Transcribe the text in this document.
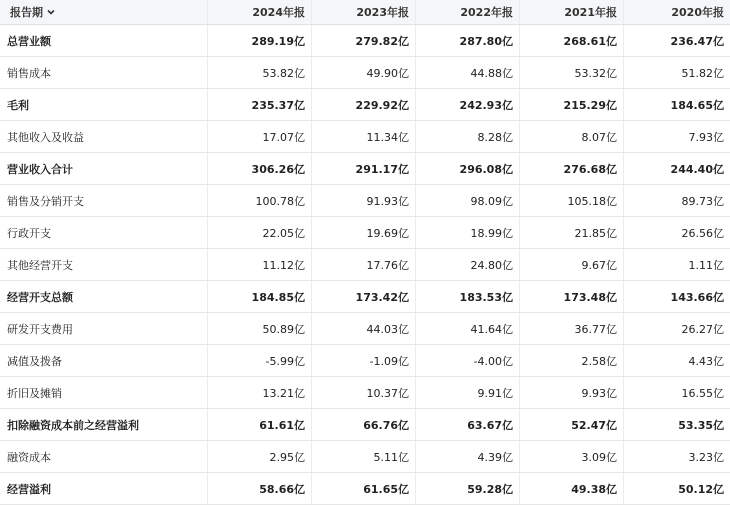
报告期	2024年报	2023年报	2022年报	2021年报	2020年报
总营业额	289.19亿	279.82亿	287.80亿	268.61亿	236.47亿
销售成本	53.82亿	49.90亿	44.88亿	53.32亿	51.82亿
毛利	235.37亿	229.92亿	242.93亿	215.29亿	184.65亿
其他收入及收益	17.07亿	11.34亿	8.28亿	8.07亿	7.93亿
营业收入合计	306.26亿	291.17亿	296.08亿	276.68亿	244.40亿
销售及分销开支	100.78亿	91.93亿	98.09亿	105.18亿	89.73亿
行政开支	22.05亿	19.69亿	18.99亿	21.85亿	26.56亿
其他经营开支	11.12亿	17.76亿	24.80亿	9.67亿	1.11亿
经营开支总额	184.85亿	173.42亿	183.53亿	173.48亿	143.66亿
研发开支费用	50.89亿	44.03亿	41.64亿	36.77亿	26.27亿
减值及拨备	-5.99亿	-1.09亿	-4.00亿	2.58亿	4.43亿
折旧及摊销	13.21亿	10.37亿	9.91亿	9.93亿	16.55亿
扣除融资成本前之经营溢利	61.61亿	66.76亿	63.67亿	52.47亿	53.35亿
融资成本	2.95亿	5.11亿	4.39亿	3.09亿	3.23亿
经营溢利	58.66亿	61.65亿	59.28亿	49.38亿	50.12亿
